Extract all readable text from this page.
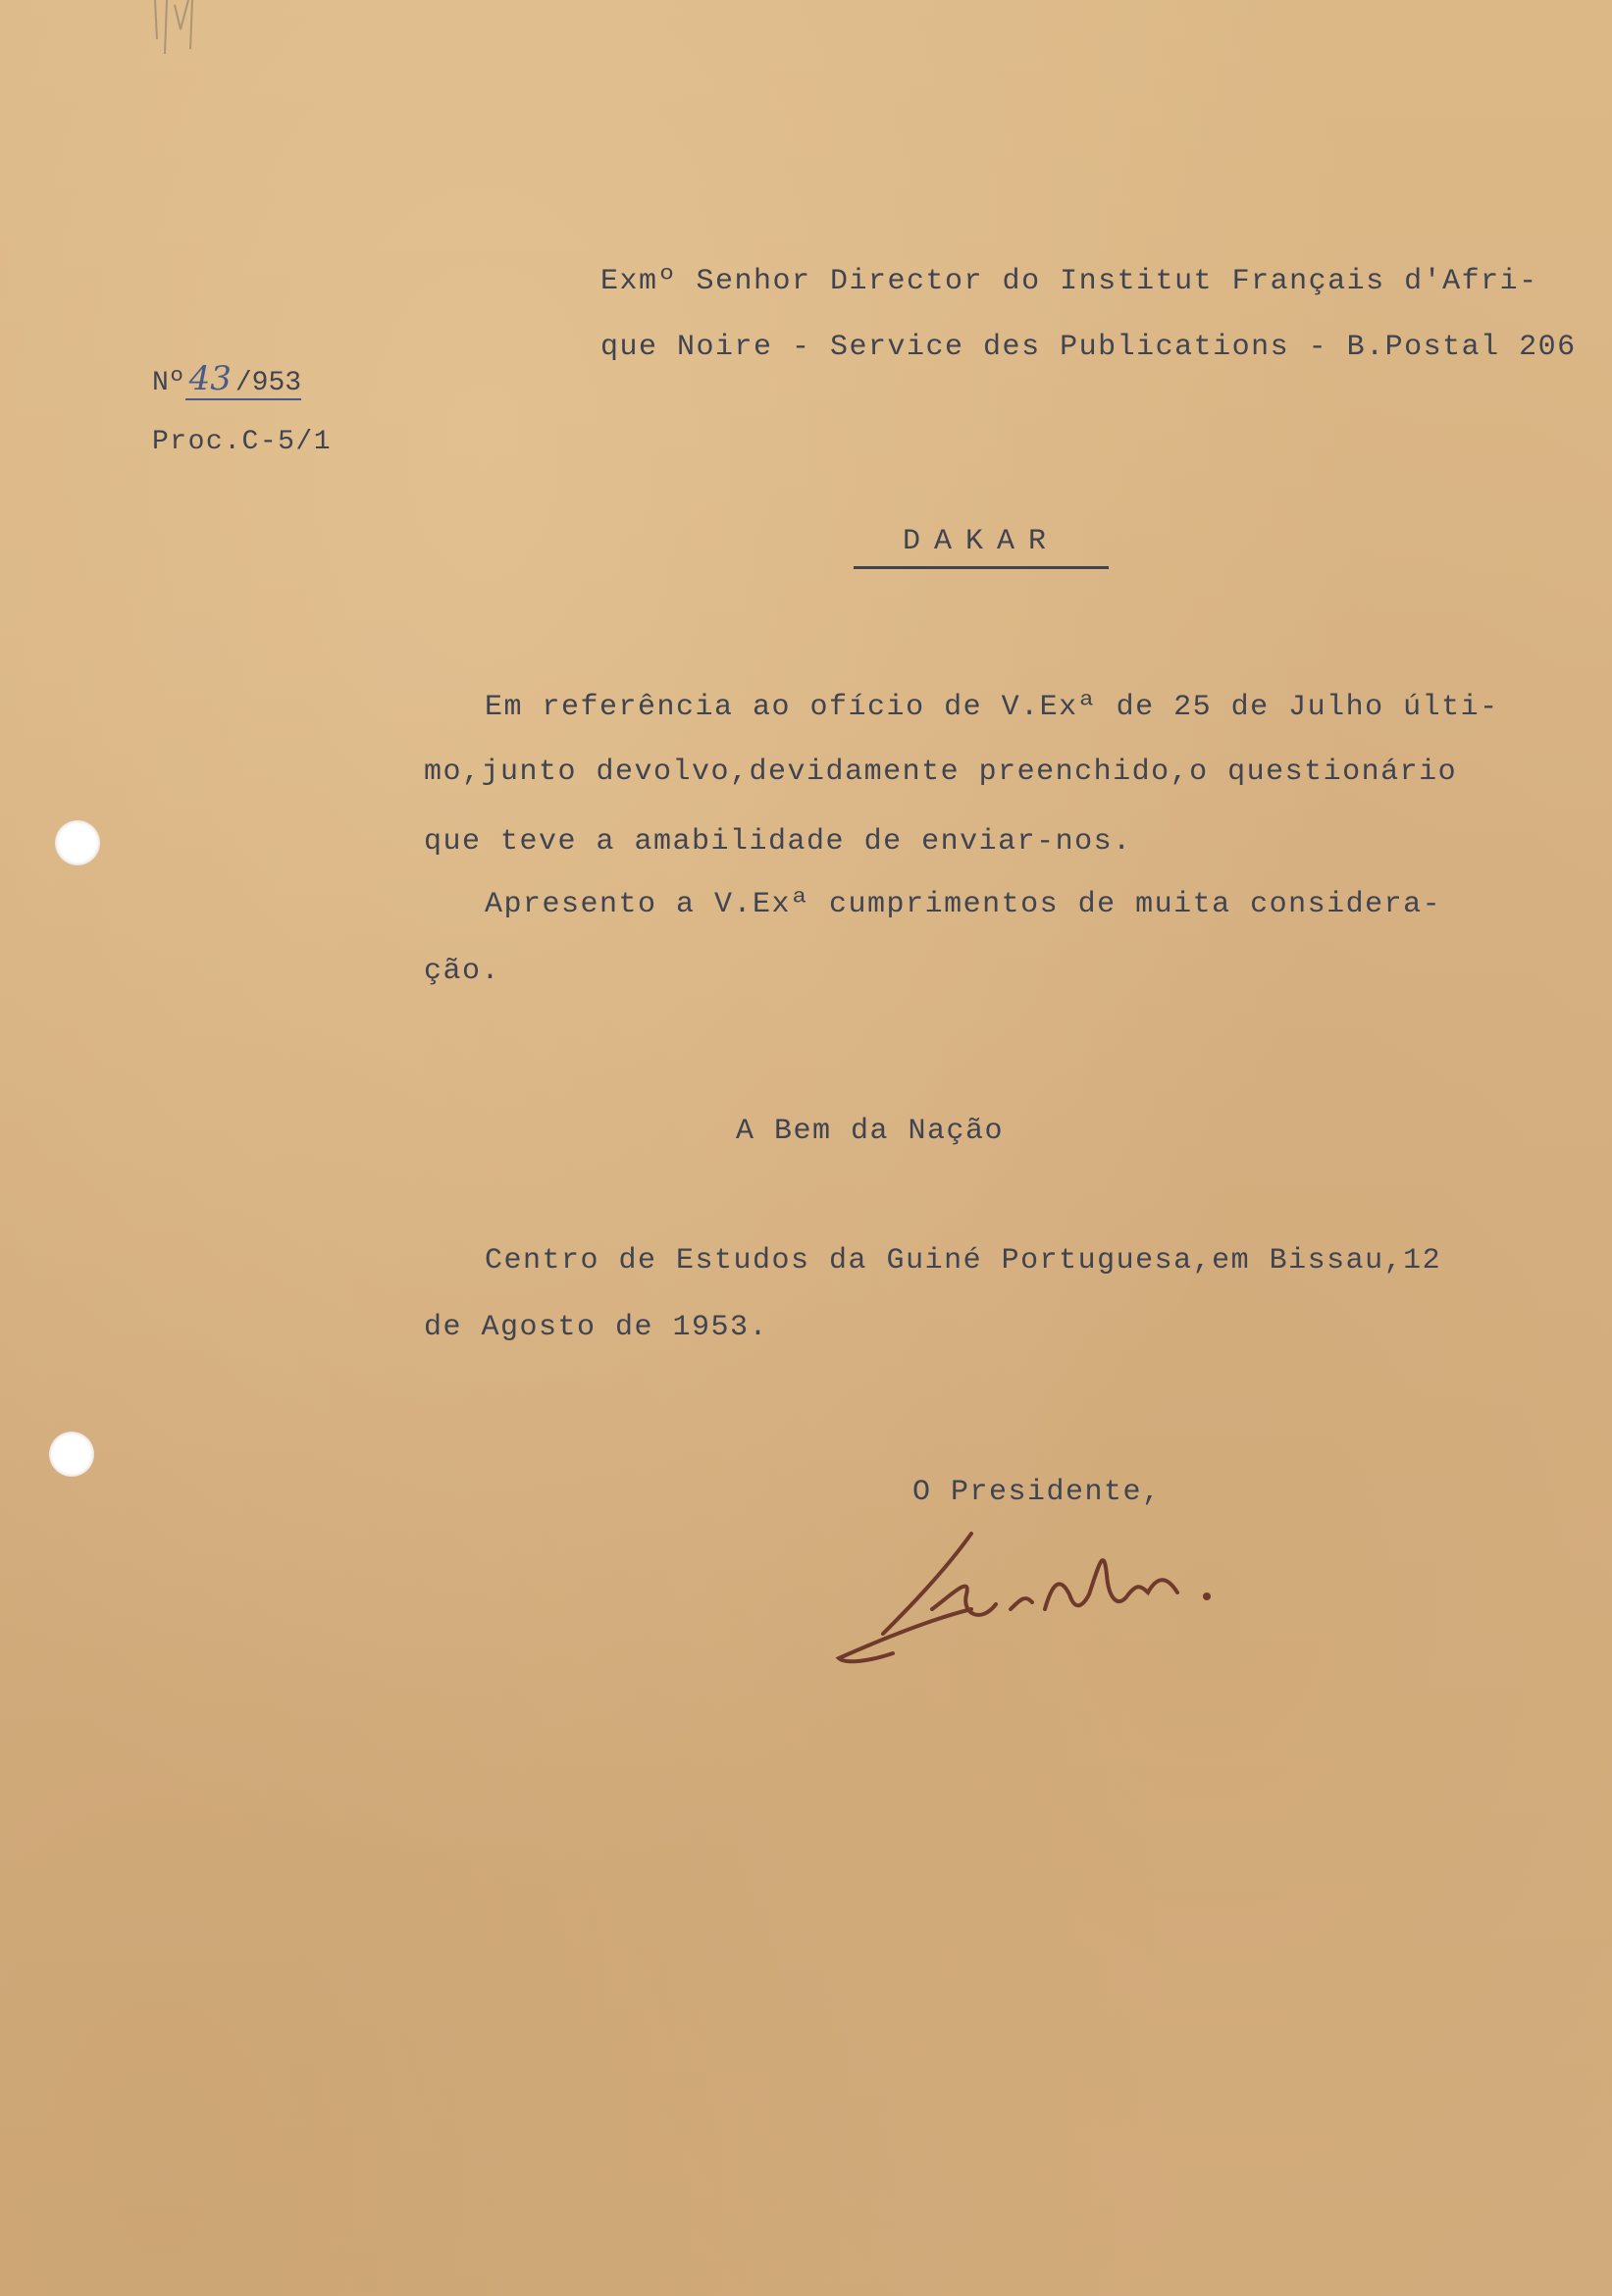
Exmº Senhor Director do Institut Français d'Afri-
que Noire - Service des Publications - B.Postal 206
Nº 43 /953
Proc.C-5/1
DAKAR
Em referência ao ofício de V.Exª de 25 de Julho últi-
mo,junto devolvo,devidamente preenchido,o questionário
que teve a amabilidade de enviar-nos.
Apresento a V.Exª cumprimentos de muita considera-
ção.
A Bem da Nação
Centro de Estudos da Guiné Portuguesa,em Bissau,12
de Agosto de 1953.
O Presidente,
